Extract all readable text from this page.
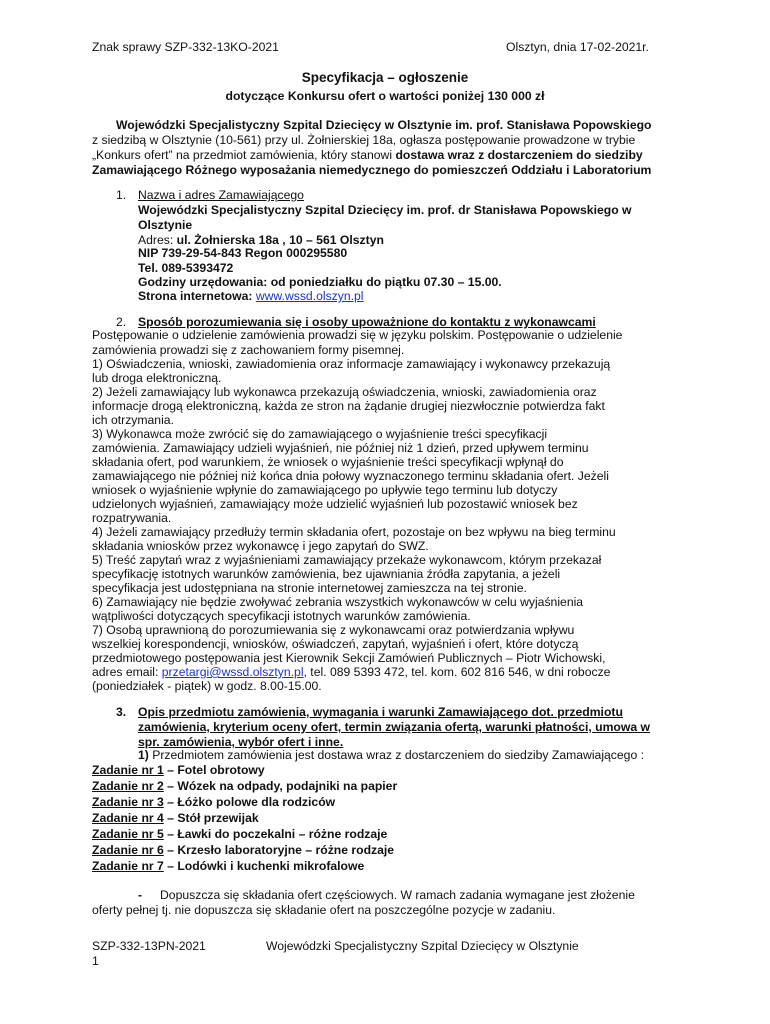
Znak sprawy SZP-332-13KO-2021	Olsztyn, dnia 17-02-2021r.
Specyfikacja – ogłoszenie
dotyczące Konkursu ofert o wartości poniżej 130 000 zł
Wojewódzki Specjalistyczny Szpital Dziecięcy w Olsztynie im. prof. Stanisława Popowskiego
z siedzibą w Olsztynie (10-561) przy ul. Żołnierskiej 18a, ogłasza postępowanie prowadzone w trybie
„Konkurs ofert” na przedmiot zamówienia, który stanowi dostawa wraz z dostarczeniem do siedziby
Zamawiającego Różnego wyposażania niemedycznego do pomieszczeń Oddziału i Laboratorium
1. Nazwa i adres Zamawiającego
Wojewódzki Specjalistyczny Szpital Dziecięcy im. prof. dr Stanisława Popowskiego w
Olsztynie
Adres: ul. Żołnierska 18a , 10 – 561 Olsztyn
NIP 739-29-54-843 Regon 000295580
Tel. 089-5393472
Godziny urzędowania: od poniedziałku do piątku 07.30 – 15.00.
Strona internetowa: www.wssd.olszyn.pl
2. Sposób porozumiewania się i osoby upoważnione do kontaktu z wykonawcami
Postępowanie o udzielenie zamówienia prowadzi się w języku polskim. Postępowanie o udzielenie
zamówienia prowadzi się z zachowaniem formy pisemnej.
1) Oświadczenia, wnioski, zawiadomienia oraz informacje zamawiający i wykonawcy przekazują
lub droga elektroniczną.
2) Jeżeli zamawiający lub wykonawca przekazują oświadczenia, wnioski, zawiadomienia oraz
informacje drogą elektroniczną, każda ze stron na żądanie drugiej niezwłocznie potwierdza fakt
ich otrzymania.
3) Wykonawca może zwrócić się do zamawiającego o wyjaśnienie treści specyfikacji
zamówienia. Zamawiający udzieli wyjaśnień, nie później niż 1 dzień, przed upływem terminu
składania ofert, pod warunkiem, że wniosek o wyjaśnienie treści specyfikacji wpłynął do
zamawiającego nie później niż końca dnia połowy wyznaczonego terminu składania ofert. Jeżeli
wniosek o wyjaśnienie wpłynie do zamawiającego po upływie tego terminu lub dotyczy
udzielonych wyjaśnień, zamawiający może udzielić wyjaśnień lub pozostawić wniosek bez
rozpatrywania.
4) Jeżeli zamawiający przedłuży termin składania ofert, pozostaje on bez wpływu na bieg terminu
składania wniosków przez wykonawcę i jego zapytań do SWZ.
5) Treść zapytań wraz z wyjaśnieniami zamawiający przekaże wykonawcom, którym przekazał
specyfikację istotnych warunków zamówienia, bez ujawniania źródła zapytania, a jeżeli
specyfikacja jest udostępniana na stronie internetowej zamieszcza na tej stronie.
6) Zamawiający nie będzie zwoływać zebrania wszystkich wykonawców w celu wyjaśnienia
wątpliwości dotyczących specyfikacji istotnych warunków zamówienia.
7) Osobą uprawnioną do porozumiewania się z wykonawcami oraz potwierdzania wpływu
wszelkiej korespondencji, wniosków, oświadczeń, zapytań, wyjaśnień i ofert, które dotyczą
przedmiotowego postępowania jest Kierownik Sekcji Zamówień Publicznych – Piotr Wichowski,
adres email: przetargi@wssd.olsztyn.pl, tel. 089 5393 472, tel. kom. 602 816 546, w dni robocze
(poniedziałek - piątek) w godz. 8.00-15.00.
3. Opis przedmiotu zamówienia, wymagania i warunki Zamawiającego dot. przedmiotu
zamówienia, kryterium oceny ofert, termin związania ofertą, warunki płatności, umowa w
spr. zamówienia, wybór ofert i inne.
1) Przedmiotem zamówienia jest dostawa wraz z dostarczeniem do siedziby Zamawiającego :
Zadanie nr 1 – Fotel obrotowy
Zadanie nr 2 – Wózek na odpady, podajniki na papier
Zadanie nr 3 – Łóżko polowe dla rodziców
Zadanie nr 4 – Stół przewijak
Zadanie nr 5 – Ławki do poczekalni – różne rodzaje
Zadanie nr 6 – Krzesło laboratoryjne – różne rodzaje
Zadanie nr 7 – Lodówki i kuchenki mikrofalowe
- Dopuszcza się składania ofert częściowych. W ramach zadania wymagane jest złożenie
oferty pełnej tj. nie dopuszcza się składanie ofert na poszczególne pozycje w zadaniu.
SZP-332-13PN-2021	Wojewódzki Specjalistyczny Szpital Dziecięcy w Olsztynie
1
